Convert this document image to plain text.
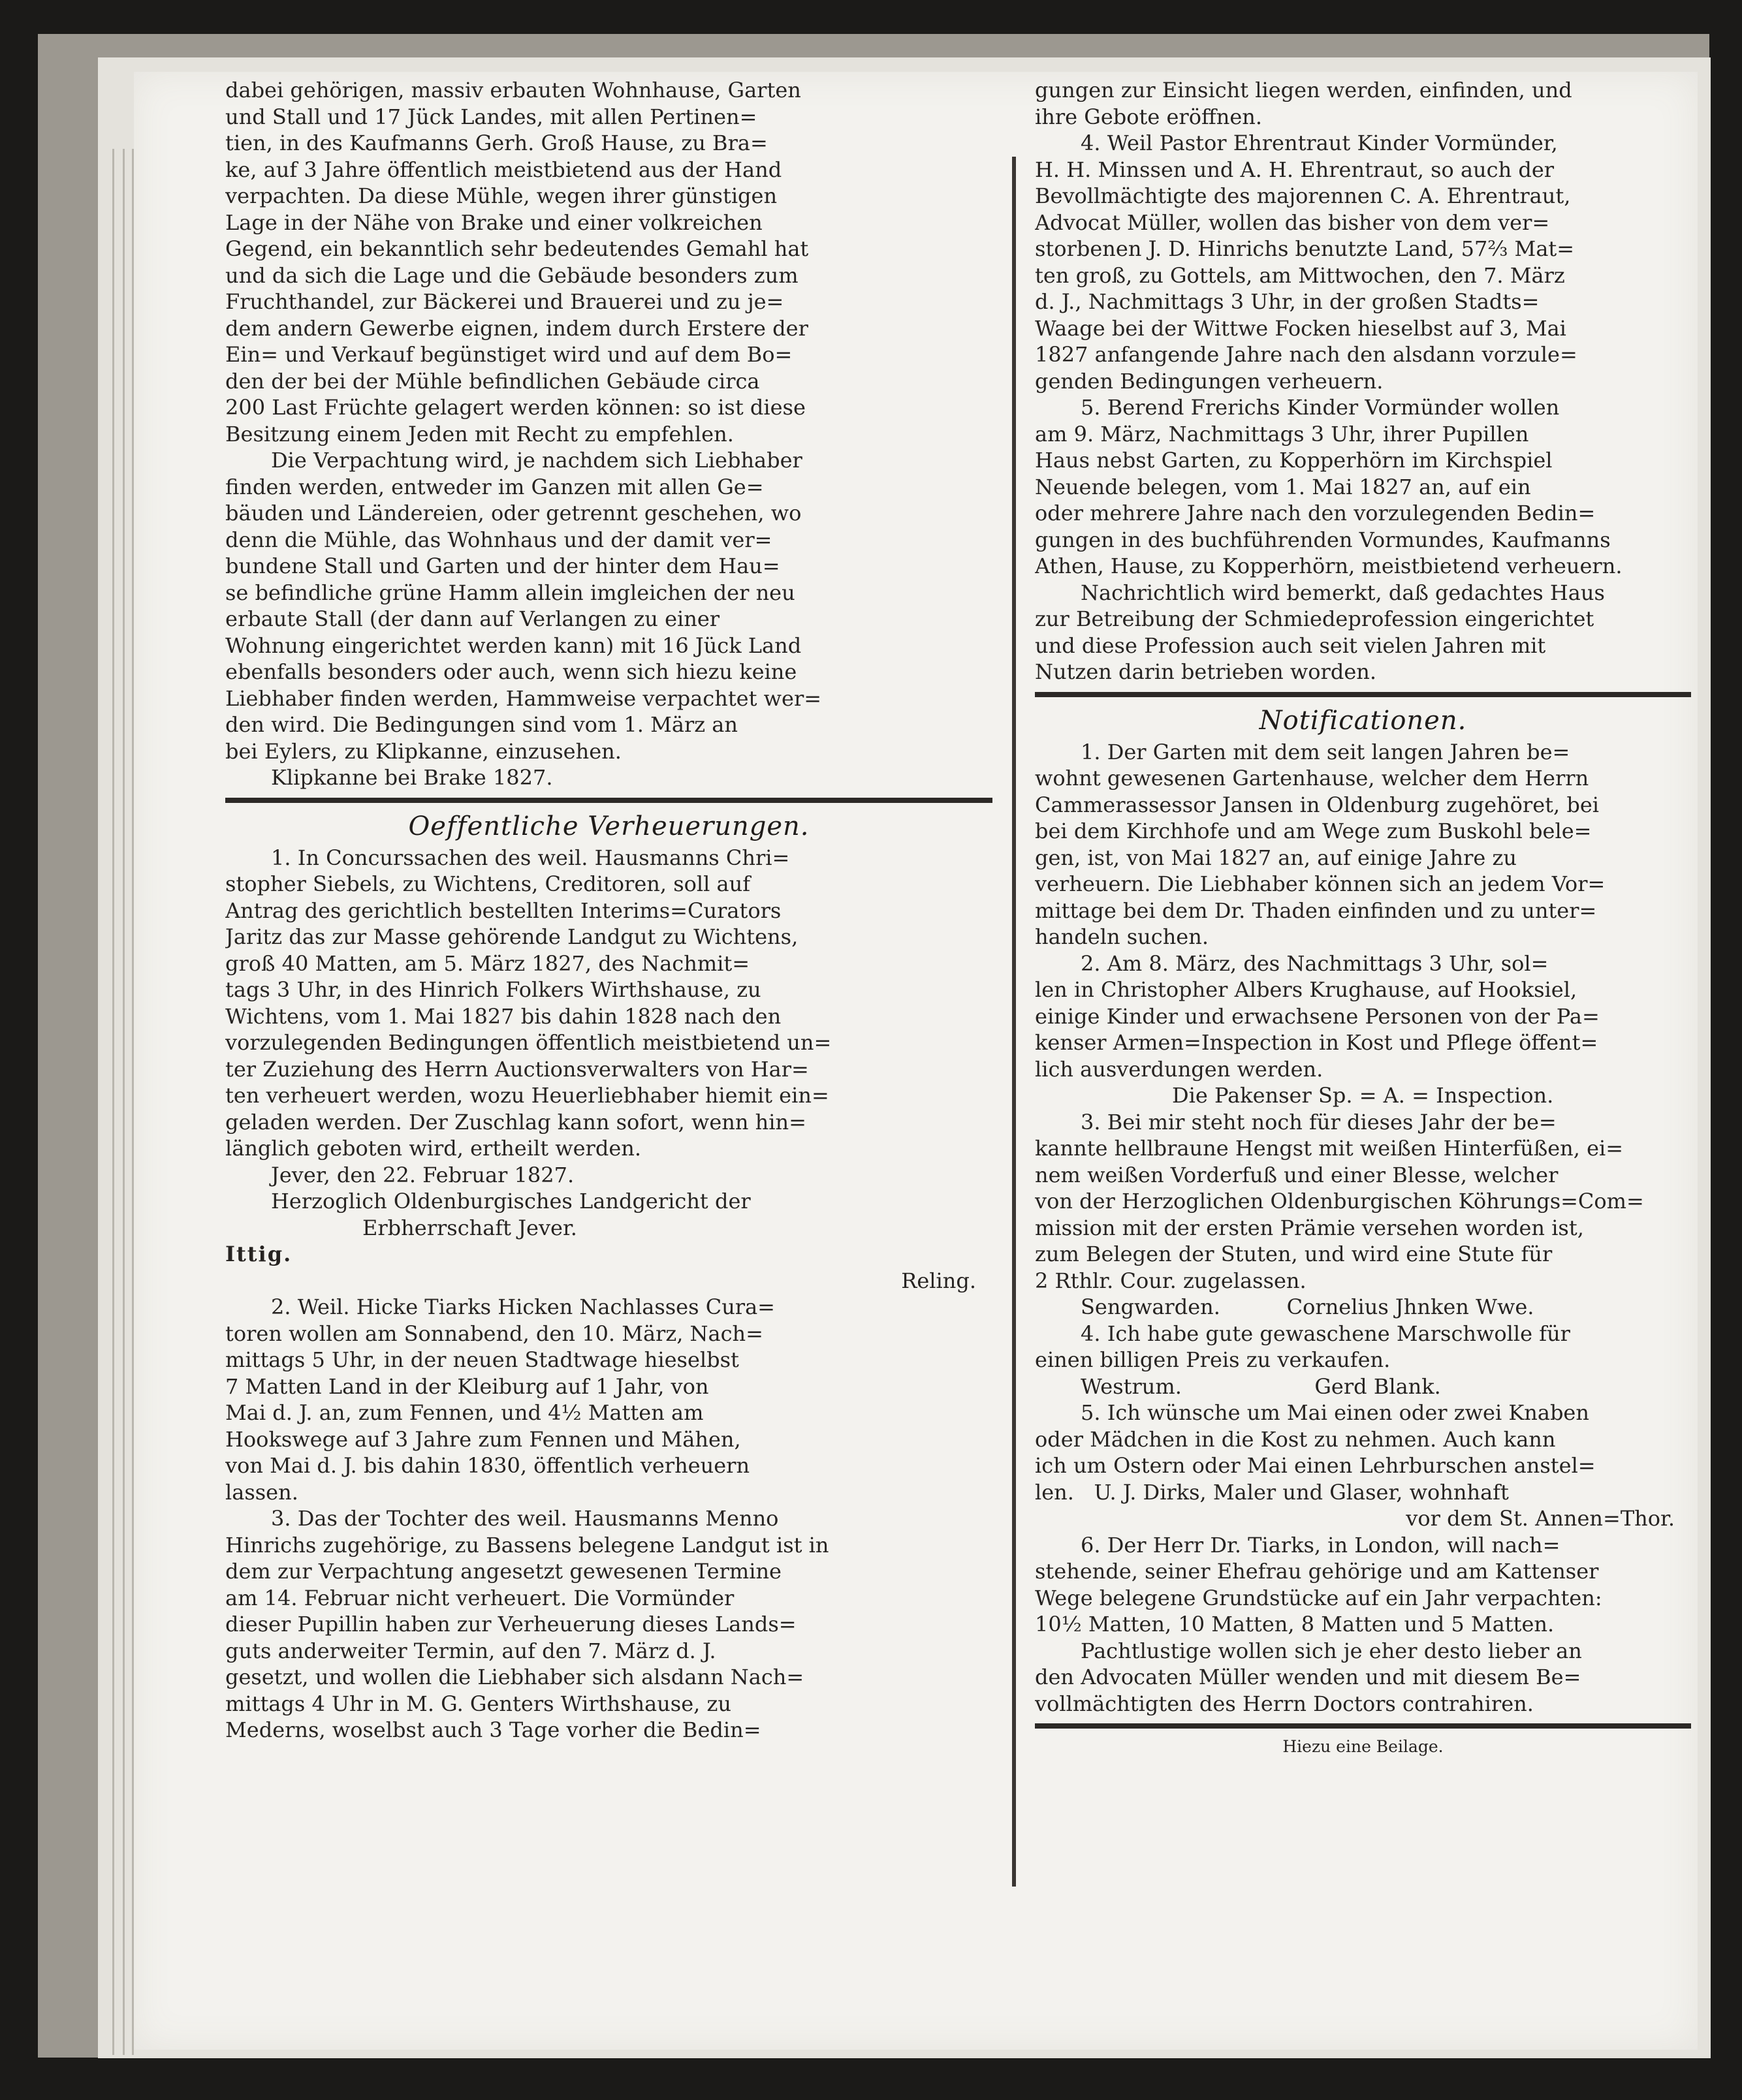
dabei gehörigen, massiv erbauten Wohnhause, Garten
und Stall und 17 Jück Landes, mit allen Pertinen=
tien, in des Kaufmanns Gerh. Groß Hause, zu Bra=
ke, auf 3 Jahre öffentlich meistbietend aus der Hand
verpachten. Da diese Mühle, wegen ihrer günstigen
Lage in der Nähe von Brake und einer volkreichen
Gegend, ein bekanntlich sehr bedeutendes Gemahl hat
und da sich die Lage und die Gebäude besonders zum
Fruchthandel, zur Bäckerei und Brauerei und zu je=
dem andern Gewerbe eignen, indem durch Erstere der
Ein= und Verkauf begünstiget wird und auf dem Bo=
den der bei der Mühle befindlichen Gebäude circa
200 Last Früchte gelagert werden können: so ist diese
Besitzung einem Jeden mit Recht zu empfehlen.
Die Verpachtung wird, je nachdem sich Liebhaber
finden werden, entweder im Ganzen mit allen Ge=
bäuden und Ländereien, oder getrennt geschehen, wo
denn die Mühle, das Wohnhaus und der damit ver=
bundene Stall und Garten und der hinter dem Hau=
se befindliche grüne Hamm allein imgleichen der neu
erbaute Stall (der dann auf Verlangen zu einer
Wohnung eingerichtet werden kann) mit 16 Jück Land
ebenfalls besonders oder auch, wenn sich hiezu keine
Liebhaber finden werden, Hammweise verpachtet wer=
den wird. Die Bedingungen sind vom 1. März an
bei Eylers, zu Klipkanne, einzusehen.
Klipkanne bei Brake 1827.
Oeffentliche Verheuerungen.
1. In Concurssachen des weil. Hausmanns Chri=
stopher Siebels, zu Wichtens, Creditoren, soll auf
Antrag des gerichtlich bestellten Interims=Curators
Jaritz das zur Masse gehörende Landgut zu Wichtens,
groß 40 Matten, am 5. März 1827, des Nachmit=
tags 3 Uhr, in des Hinrich Folkers Wirthshause, zu
Wichtens, vom 1. Mai 1827 bis dahin 1828 nach den
vorzulegenden Bedingungen öffentlich meistbietend un=
ter Zuziehung des Herrn Auctionsverwalters von Har=
ten verheuert werden, wozu Heuerliebhaber hiemit ein=
geladen werden. Der Zuschlag kann sofort, wenn hin=
länglich geboten wird, ertheilt werden.
Jever, den 22. Februar 1827.
Herzoglich Oldenburgisches Landgericht der
Erbherrschaft Jever.
Ittig.
Reling.
2. Weil. Hicke Tiarks Hicken Nachlasses Cura=
toren wollen am Sonnabend, den 10. März, Nach=
mittags 5 Uhr, in der neuen Stadtwage hieselbst
7 Matten Land in der Kleiburg auf 1 Jahr, von
Mai d. J. an, zum Fennen, und 4½ Matten am
Hookswege auf 3 Jahre zum Fennen und Mähen,
von Mai d. J. bis dahin 1830, öffentlich verheuern
lassen.
3. Das der Tochter des weil. Hausmanns Menno
Hinrichs zugehörige, zu Bassens belegene Landgut ist in
dem zur Verpachtung angesetzt gewesenen Termine
am 14. Februar nicht verheuert. Die Vormünder
dieser Pupillin haben zur Verheuerung dieses Lands=
guts anderweiter Termin, auf den 7. März d. J.
gesetzt, und wollen die Liebhaber sich alsdann Nach=
mittags 4 Uhr in M. G. Genters Wirthshause, zu
Mederns, woselbst auch 3 Tage vorher die Bedin=
gungen zur Einsicht liegen werden, einfinden, und
ihre Gebote eröffnen.
4. Weil Pastor Ehrentraut Kinder Vormünder,
H. H. Minssen und A. H. Ehrentraut, so auch der
Bevollmächtigte des majorennen C. A. Ehrentraut,
Advocat Müller, wollen das bisher von dem ver=
storbenen J. D. Hinrichs benutzte Land, 57⅔ Mat=
ten groß, zu Gottels, am Mittwochen, den 7. März
d. J., Nachmittags 3 Uhr, in der großen Stadts=
Waage bei der Wittwe Focken hieselbst auf 3, Mai
1827 anfangende Jahre nach den alsdann vorzule=
genden Bedingungen verheuern.
5. Berend Frerichs Kinder Vormünder wollen
am 9. März, Nachmittags 3 Uhr, ihrer Pupillen
Haus nebst Garten, zu Kopperhörn im Kirchspiel
Neuende belegen, vom 1. Mai 1827 an, auf ein
oder mehrere Jahre nach den vorzulegenden Bedin=
gungen in des buchführenden Vormundes, Kaufmanns
Athen, Hause, zu Kopperhörn, meistbietend verheuern.
Nachrichtlich wird bemerkt, daß gedachtes Haus
zur Betreibung der Schmiedeprofession eingerichtet
und diese Profession auch seit vielen Jahren mit
Nutzen darin betrieben worden.
Notificationen.
1. Der Garten mit dem seit langen Jahren be=
wohnt gewesenen Gartenhause, welcher dem Herrn
Cammerassessor Jansen in Oldenburg zugehöret, bei
bei dem Kirchhofe und am Wege zum Buskohl bele=
gen, ist, von Mai 1827 an, auf einige Jahre zu
verheuern. Die Liebhaber können sich an jedem Vor=
mittage bei dem Dr. Thaden einfinden und zu unter=
handeln suchen.
2. Am 8. März, des Nachmittags 3 Uhr, sol=
len in Christopher Albers Krughause, auf Hooksiel,
einige Kinder und erwachsene Personen von der Pa=
kenser Armen=Inspection in Kost und Pflege öffent=
lich ausverdungen werden.
Die Pakenser Sp. = A. = Inspection.
3. Bei mir steht noch für dieses Jahr der be=
kannte hellbraune Hengst mit weißen Hinterfüßen, ei=
nem weißen Vorderfuß und einer Blesse, welcher
von der Herzoglichen Oldenburgischen Köhrungs=Com=
mission mit der ersten Prämie versehen worden ist,
zum Belegen der Stuten, und wird eine Stute für
2 Rthlr. Cour. zugelassen.
Sengwarden.          Cornelius Jhnken Wwe.
4. Ich habe gute gewaschene Marschwolle für
einen billigen Preis zu verkaufen.
Westrum.                    Gerd Blank.
5. Ich wünsche um Mai einen oder zwei Knaben
oder Mädchen in die Kost zu nehmen. Auch kann
ich um Ostern oder Mai einen Lehrburschen anstel=
len.   U. J. Dirks, Maler und Glaser, wohnhaft
vor dem St. Annen=Thor.
6. Der Herr Dr. Tiarks, in London, will nach=
stehende, seiner Ehefrau gehörige und am Kattenser
Wege belegene Grundstücke auf ein Jahr verpachten:
10½ Matten, 10 Matten, 8 Matten und 5 Matten.
Pachtlustige wollen sich je eher desto lieber an
den Advocaten Müller wenden und mit diesem Be=
vollmächtigten des Herrn Doctors contrahiren.
Hiezu eine Beilage.
